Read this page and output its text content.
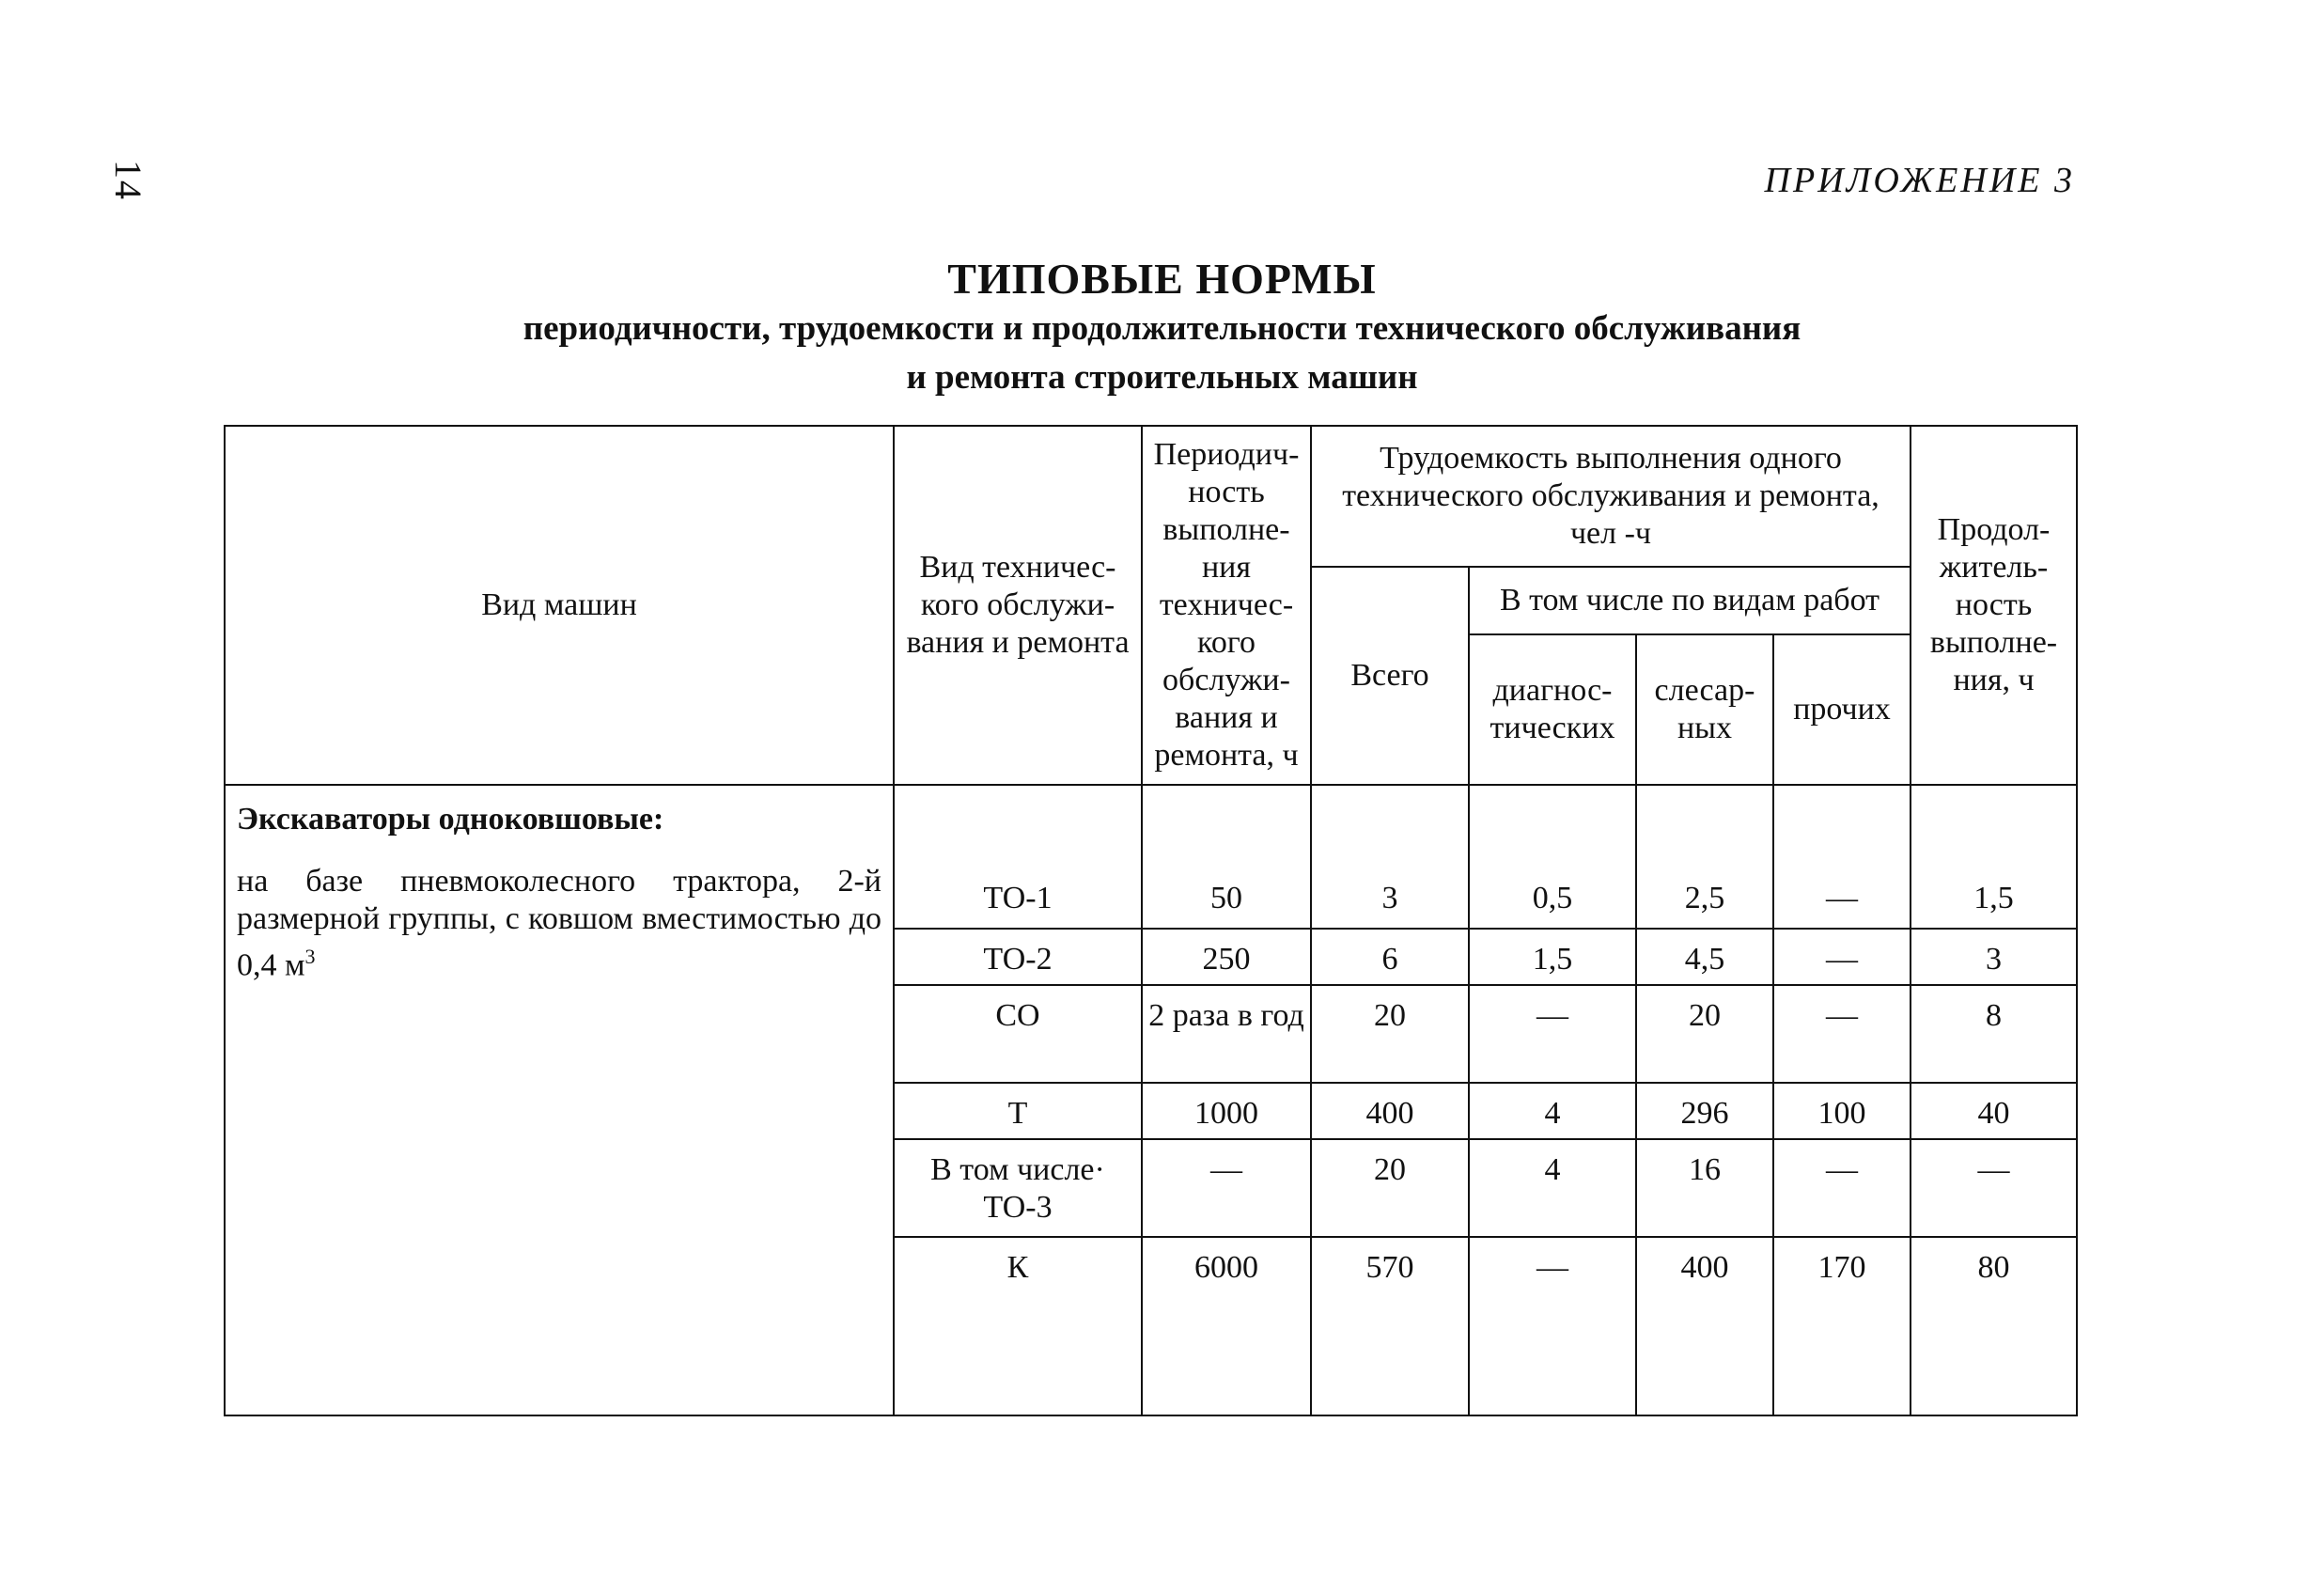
14	ПРИЛОЖЕНИЕ 3
ТИПОВЫЕ НОРМЫ
периодичности, трудоемкости и продолжительности технического обслуживания
и ремонта строительных машин
Вид машин	Вид техничес-кого обслужи-вания и ремонта	Периодич-ность выполне-ния техничес-кого обслужи-вания и ремонта, ч	Трудоемкость выполнения одного технического обслуживания и ремонта, чел -ч				Продол-житель-ность выполне-ния, ч
			Всего	В том числе по видам работ			
				диагнос-тических	слесар-ных	прочих	

Экскаваторы одноковшовые:
на базе пневмоколесного трактора, 2-й размерной группы, с ковшом вместимостью до 0,4 $м^3$

	ТО-1	50	3	0,5	2,5	—	1,5
	ТО-2	250	6	1,5	4,5	—	3
	СО	2 раза в год	20	—	20	—	8
	Т	1000	400	4	296	100	40
	В том числе· ТО-3	—	20	4	16	—	—
	К	6000	570	—	400	170	80
